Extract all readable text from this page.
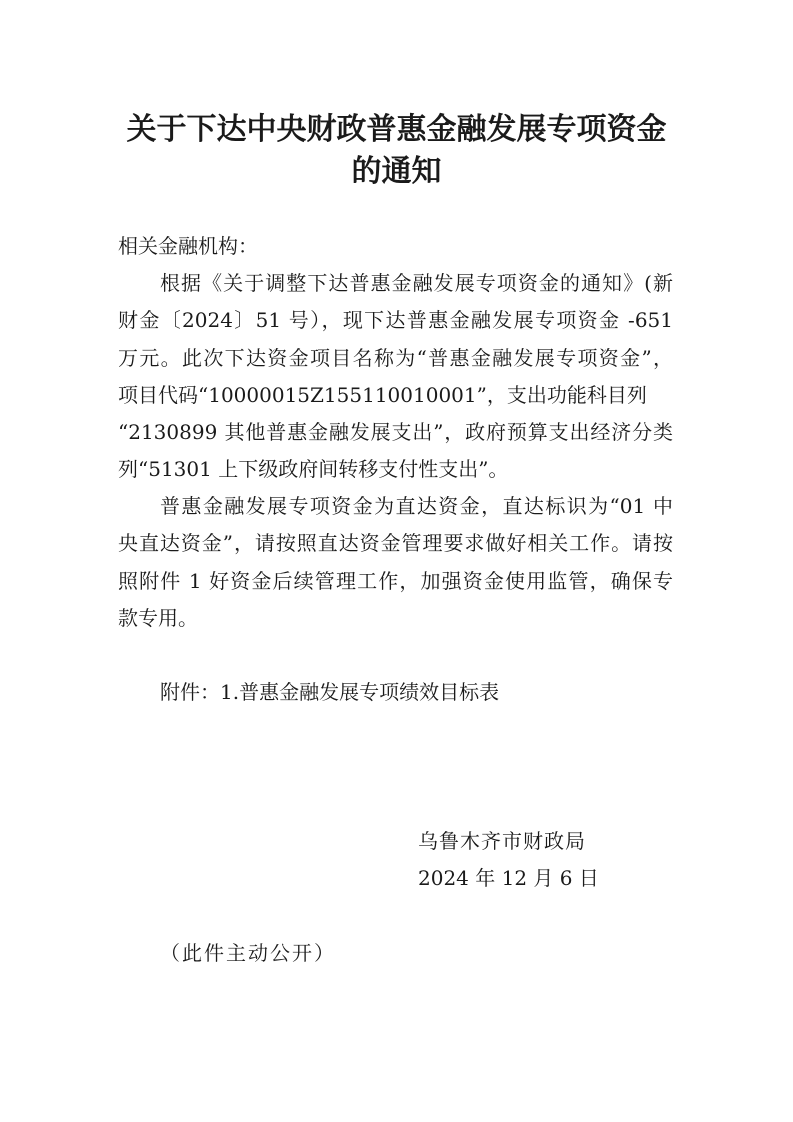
关于下达中央财政普惠金融发展专项资金
的通知
相关金融机构：
根据《关于调整下达普惠金融发展专项资金的通知》(新
财金〔2024〕51 号），现下达普惠金融发展专项资金 -651
万元。此次下达资金项目名称为“普惠金融发展专项资金”，
项目代码“10000015Z155110010001”，支出功能科目列
“2130899 其他普惠金融发展支出”，政府预算支出经济分类
列“51301 上下级政府间转移支付性支出”。
普惠金融发展专项资金为直达资金，直达标识为“01 中
央直达资金”，请按照直达资金管理要求做好相关工作。请按
照附件 1 好资金后续管理工作，加强资金使用监管，确保专
款专用。
附件：1.普惠金融发展专项绩效目标表
乌鲁木齐市财政局
2024 年 12 月 6 日
（此件主动公开）
